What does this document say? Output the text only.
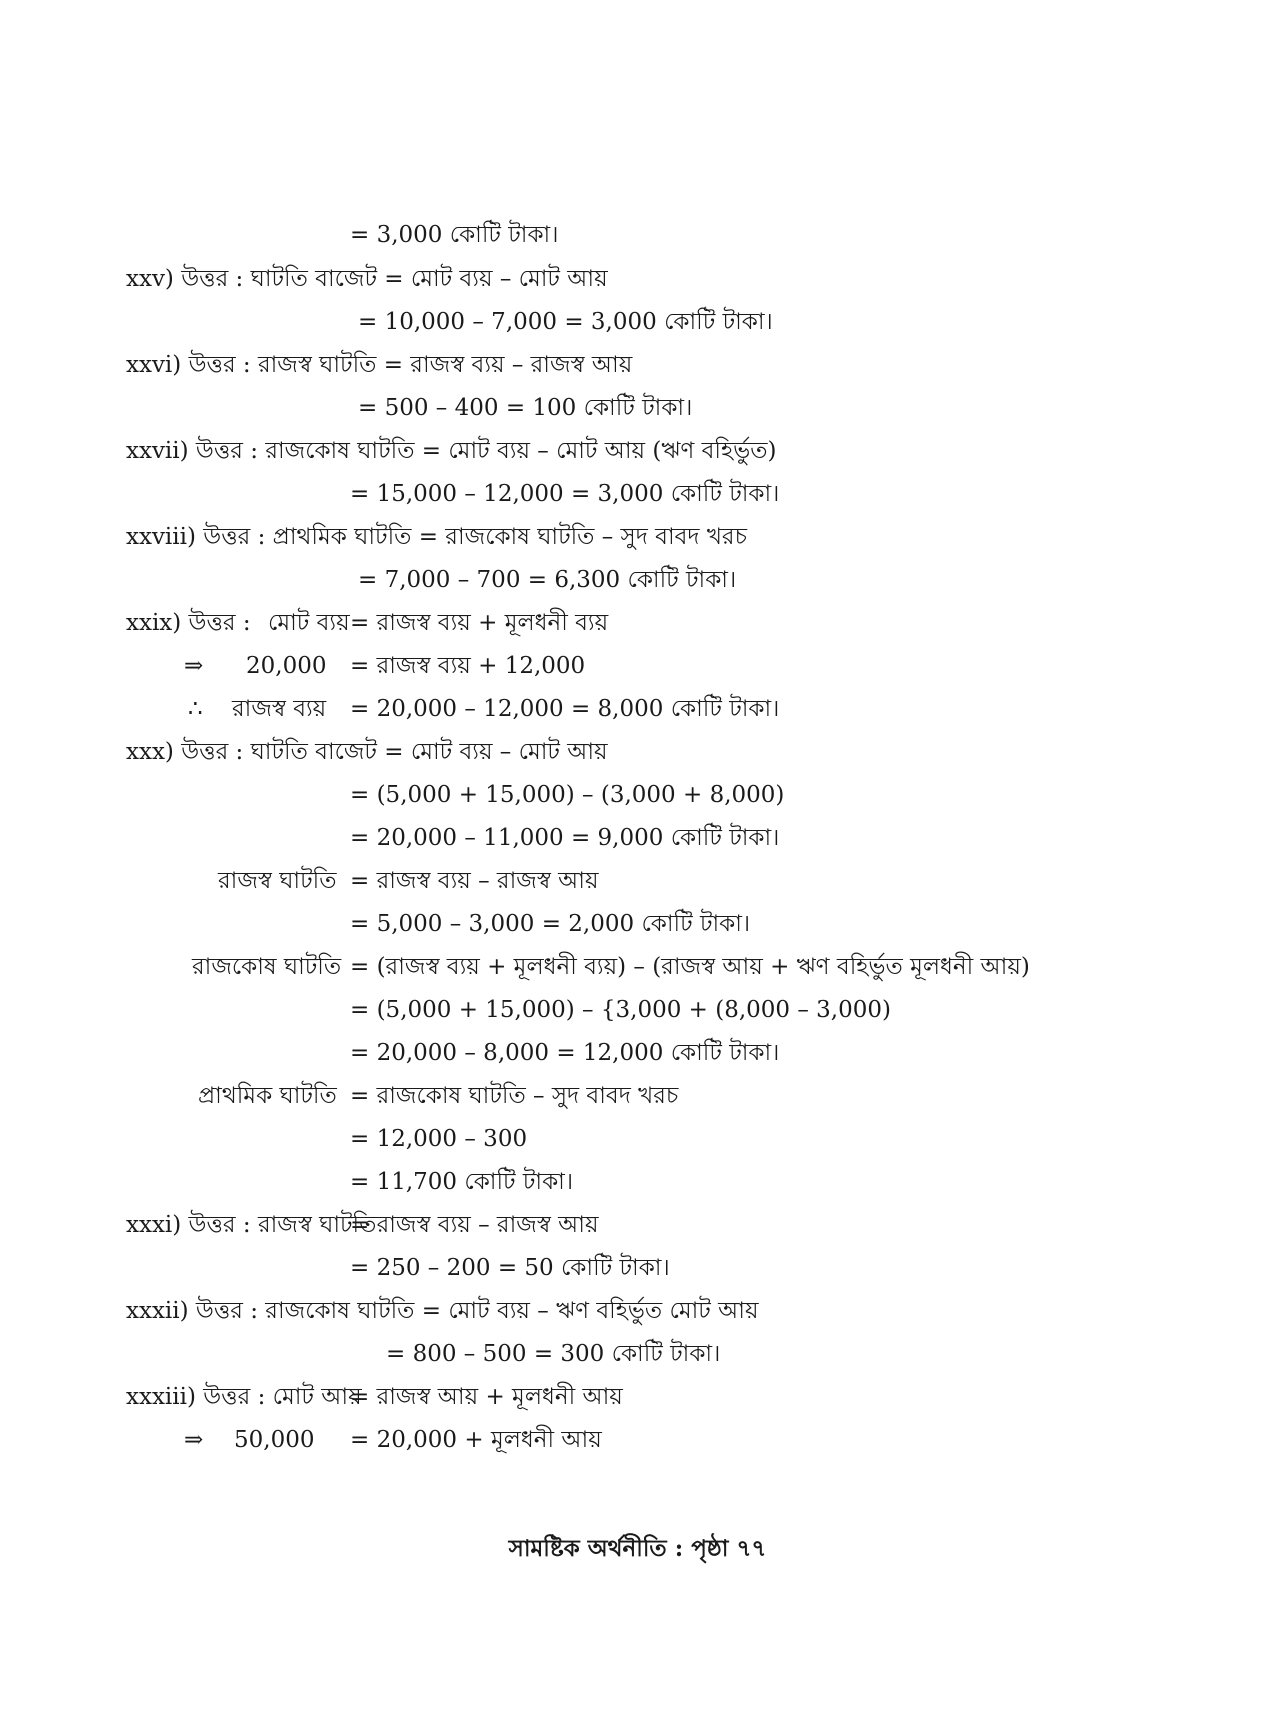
= 3,000 কোটি টাকা।
xxv) উত্তর : ঘাটতি বাজেট = মোট ব্যয় – মোট আয়
= 10,000 – 7,000 = 3,000 কোটি টাকা।
xxvi) উত্তর : রাজস্ব ঘাটতি = রাজস্ব ব্যয় – রাজস্ব আয়
= 500 – 400 = 100 কোটি টাকা।
xxvii) উত্তর : রাজকোষ ঘাটতি = মোট ব্যয় – মোট আয় (ঋণ বহির্ভুত)
= 15,000 – 12,000 = 3,000 কোটি টাকা।
xxviii) উত্তর : প্রাথমিক ঘাটতি = রাজকোষ ঘাটতি – সুদ বাবদ খরচ
= 7,000 – 700 = 6,300 কোটি টাকা।
xxix) উত্তর : মোট ব্যয় = রাজস্ব ব্যয় + মূলধনী ব্যয়
⇒ 20,000 = রাজস্ব ব্যয় + 12,000
∴ রাজস্ব ব্যয় = 20,000 – 12,000 = 8,000 কোটি টাকা।
xxx) উত্তর : ঘাটতি বাজেট = মোট ব্যয় – মোট আয়
= (5,000 + 15,000) – (3,000 + 8,000)
= 20,000 – 11,000 = 9,000 কোটি টাকা।
রাজস্ব ঘাটতি = রাজস্ব ব্যয় – রাজস্ব আয়
= 5,000 – 3,000 = 2,000 কোটি টাকা।
রাজকোষ ঘাটতি = (রাজস্ব ব্যয় + মূলধনী ব্যয়) – (রাজস্ব আয় + ঋণ বহির্ভুত মূলধনী আয়)
= (5,000 + 15,000) – {3,000 + (8,000 – 3,000)
= 20,000 – 8,000 = 12,000 কোটি টাকা।
প্রাথমিক ঘাটতি = রাজকোষ ঘাটতি – সুদ বাবদ খরচ
= 12,000 – 300
= 11,700 কোটি টাকা।
xxxi) উত্তর : রাজস্ব ঘাটতি
= রাজস্ব ব্যয় – রাজস্ব আয়
= 250 – 200 = 50 কোটি টাকা।
xxxii) উত্তর : রাজকোষ ঘাটতি = মোট ব্যয় – ঋণ বহির্ভুত মোট আয়
= 800 – 500 = 300 কোটি টাকা।
xxxiii) উত্তর : মোট আয়
= রাজস্ব আয় + মূলধনী আয়
⇒ 50,000 = 20,000 + মূলধনী আয়
সামষ্টিক অর্থনীতি : পৃষ্ঠা ৭৭
